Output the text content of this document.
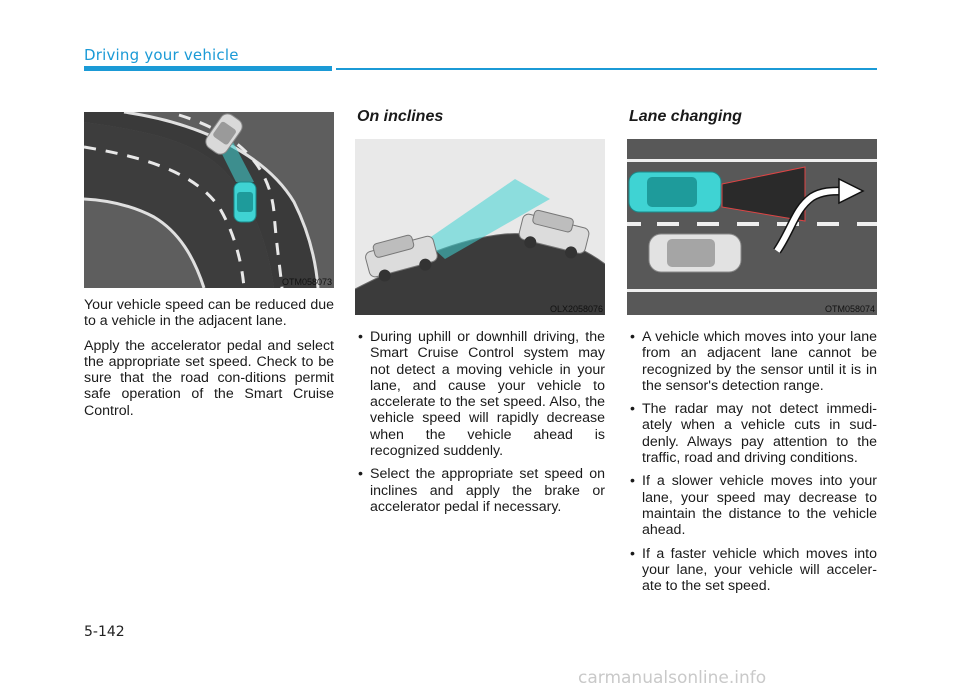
Driving your vehicle
OTM058073

Your vehicle speed can be reduced due to a vehicle in the adjacent lane.

Apply the accelerator pedal and select the appropriate set speed. Check to be sure that the road con-ditions permit safe operation of the Smart Cruise Control.

On inclines
OLX2058076
• During uphill or downhill driving, the Smart Cruise Control system may not detect a moving vehicle in your lane, and cause your vehicle to accelerate to the set speed. Also, the vehicle speed will rapidly decrease when the vehicle ahead is recognized suddenly.
• Select the appropriate set speed on inclines and apply the brake or accelerator pedal if necessary.
Lane changing
OTM058074
• A vehicle which moves into your lane from an adjacent lane cannot be recognized by the sensor until it is in the sensor's detection range.
• The radar may not detect immedi-ately when a vehicle cuts in sud-denly. Always pay attention to the traffic, road and driving conditions.
• If a slower vehicle moves into your lane, your speed may decrease to maintain the distance to the vehicle ahead.
• If a faster vehicle which moves into your lane, your vehicle will acceler-ate to the set speed.
5-142
carmanualsonline.info
